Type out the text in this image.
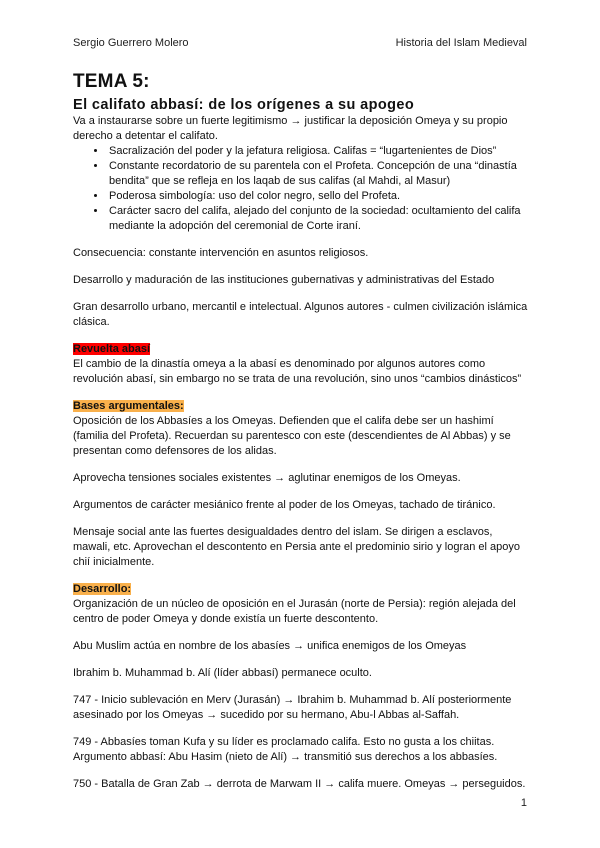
Sergio Guerrero Molero	Historia del Islam Medieval
TEMA 5:
El califato abbasí: de los orígenes a su apogeo

Va a instaurarse sobre un fuerte legitimismo → justificar la deposición Omeya y su propio derecho a detentar el califato.

• Sacralización del poder y la jefatura religiosa. Califas = “lugartenientes de Dios”
• Constante recordatorio de su parentela con el Profeta. Concepción de una “dinastía bendita” que se refleja en los laqab de sus califas (al Mahdi, al Masur)
• Poderosa simbología: uso del color negro, sello del Profeta.
• Carácter sacro del califa, alejado del conjunto de la sociedad: ocultamiento del califa mediante la adopción del ceremonial de Corte iraní.

Consecuencia: constante intervención en asuntos religiosos.

Desarrollo y maduración de las instituciones gubernativas y administrativas del Estado

Gran desarrollo urbano, mercantil e intelectual. Algunos autores - culmen civilización islámica clásica.

Revuelta abasí

El cambio de la dinastía omeya a la abasí es denominado por algunos autores como revolución abasí, sin embargo no se trata de una revolución, sino unos “cambios dinásticos”

Bases argumentales:

Oposición de los Abbasíes a los Omeyas. Defienden que el califa debe ser un hashimí (familia del Profeta). Recuerdan su parentesco con este (descendientes de Al Abbas) y se presentan como defensores de los alidas.

Aprovecha tensiones sociales existentes → aglutinar enemigos de los Omeyas.

Argumentos de carácter mesiánico frente al poder de los Omeyas, tachado de tiránico.

Mensaje social ante las fuertes desigualdades dentro del islam. Se dirigen a esclavos, mawali, etc. Aprovechan el descontento en Persia ante el predominio sirio y logran el apoyo chií inicialmente.

Desarrollo:

Organización de un núcleo de oposición en el Jurasán (norte de Persia): región alejada del centro de poder Omeya y donde existía un fuerte descontento.

Abu Muslim actúa en nombre de los abasíes → unifica enemigos de los Omeyas

Ibrahim b. Muhammad b. Alí (líder abbasí) permanece oculto.

747 - Inicio sublevación en Merv (Jurasán) → Ibrahim b. Muhammad b. Alí posteriormente asesinado por los Omeyas → sucedido por su hermano, Abu-l Abbas al-Saffah.

749 - Abbasíes toman Kufa y su líder es proclamado califa. Esto no gusta a los chiitas. Argumento abbasí: Abu Hasim (nieto de Alí) → transmitió sus derechos a los abbasíes.

750 - Batalla de Gran Zab → derrota de Marwam II → califa muere. Omeyas → perseguidos.

1
